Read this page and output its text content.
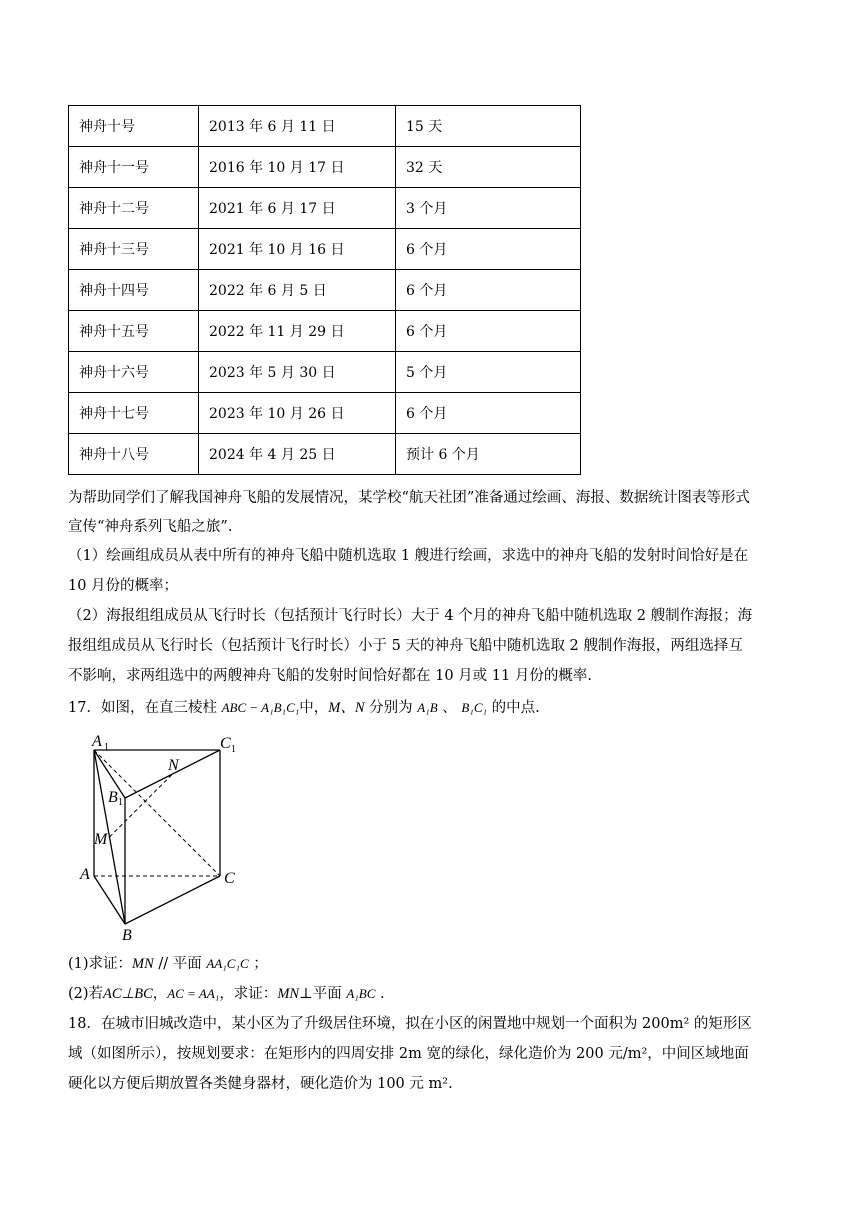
神舟十号	2013 年 6 月 11 日	15 天
神舟十一号	2016 年 10 月 17 日	32 天
神舟十二号	2021 年 6 月 17 日	3 个月
神舟十三号	2021 年 10 月 16 日	6 个月
神舟十四号	2022 年 6 月 5 日	6 个月
神舟十五号	2022 年 11 月 29 日	6 个月
神舟十六号	2023 年 5 月 30 日	5 个月
神舟十七号	2023 年 10 月 26 日	6 个月
神舟十八号	2024 年 4 月 25 日	预计 6 个月
为帮助同学们了解我国神舟飞船的发展情况，某学校“航天社团”准备通过绘画、海报、数据统计图表等形式
宣传“神舟系列飞船之旅”.
（1）绘画组成员从表中所有的神舟飞船中随机选取 1 艘进行绘画，求选中的神舟飞船的发射时间恰好是在
10 月份的概率；
（2）海报组组成员从飞行时长（包括预计飞行时长）大于 4 个月的神舟飞船中随机选取 2 艘制作海报；海
报组组成员从飞行时长（包括预计飞行时长）小于 5 天的神舟飞船中随机选取 2 艘制作海报，两组选择互
不影响，求两组选中的两艘神舟飞船的发射时间恰好都在 10 月或 11 月份的概率.
17．如图，在直三棱柱 ABC − A₁B₁C₁中，M、N 分别为 A₁B 、 B₁C₁ 的中点.
A 1	C 1
N
B 1
M
A	C
B
(1)求证：MN // 平面 AA₁C₁C ；
(2)若AC⊥BC，AC = AA₁，求证：MN⊥平面 A₁BC .
18．在城市旧城改造中，某小区为了升级居住环境，拟在小区的闲置地中规划一个面积为 200m² 的矩形区
域（如图所示），按规划要求：在矩形内的四周安排 2m 宽的绿化，绿化造价为 200 元/m²，中间区域地面
硬化以方便后期放置各类健身器材，硬化造价为 100 元 m².
